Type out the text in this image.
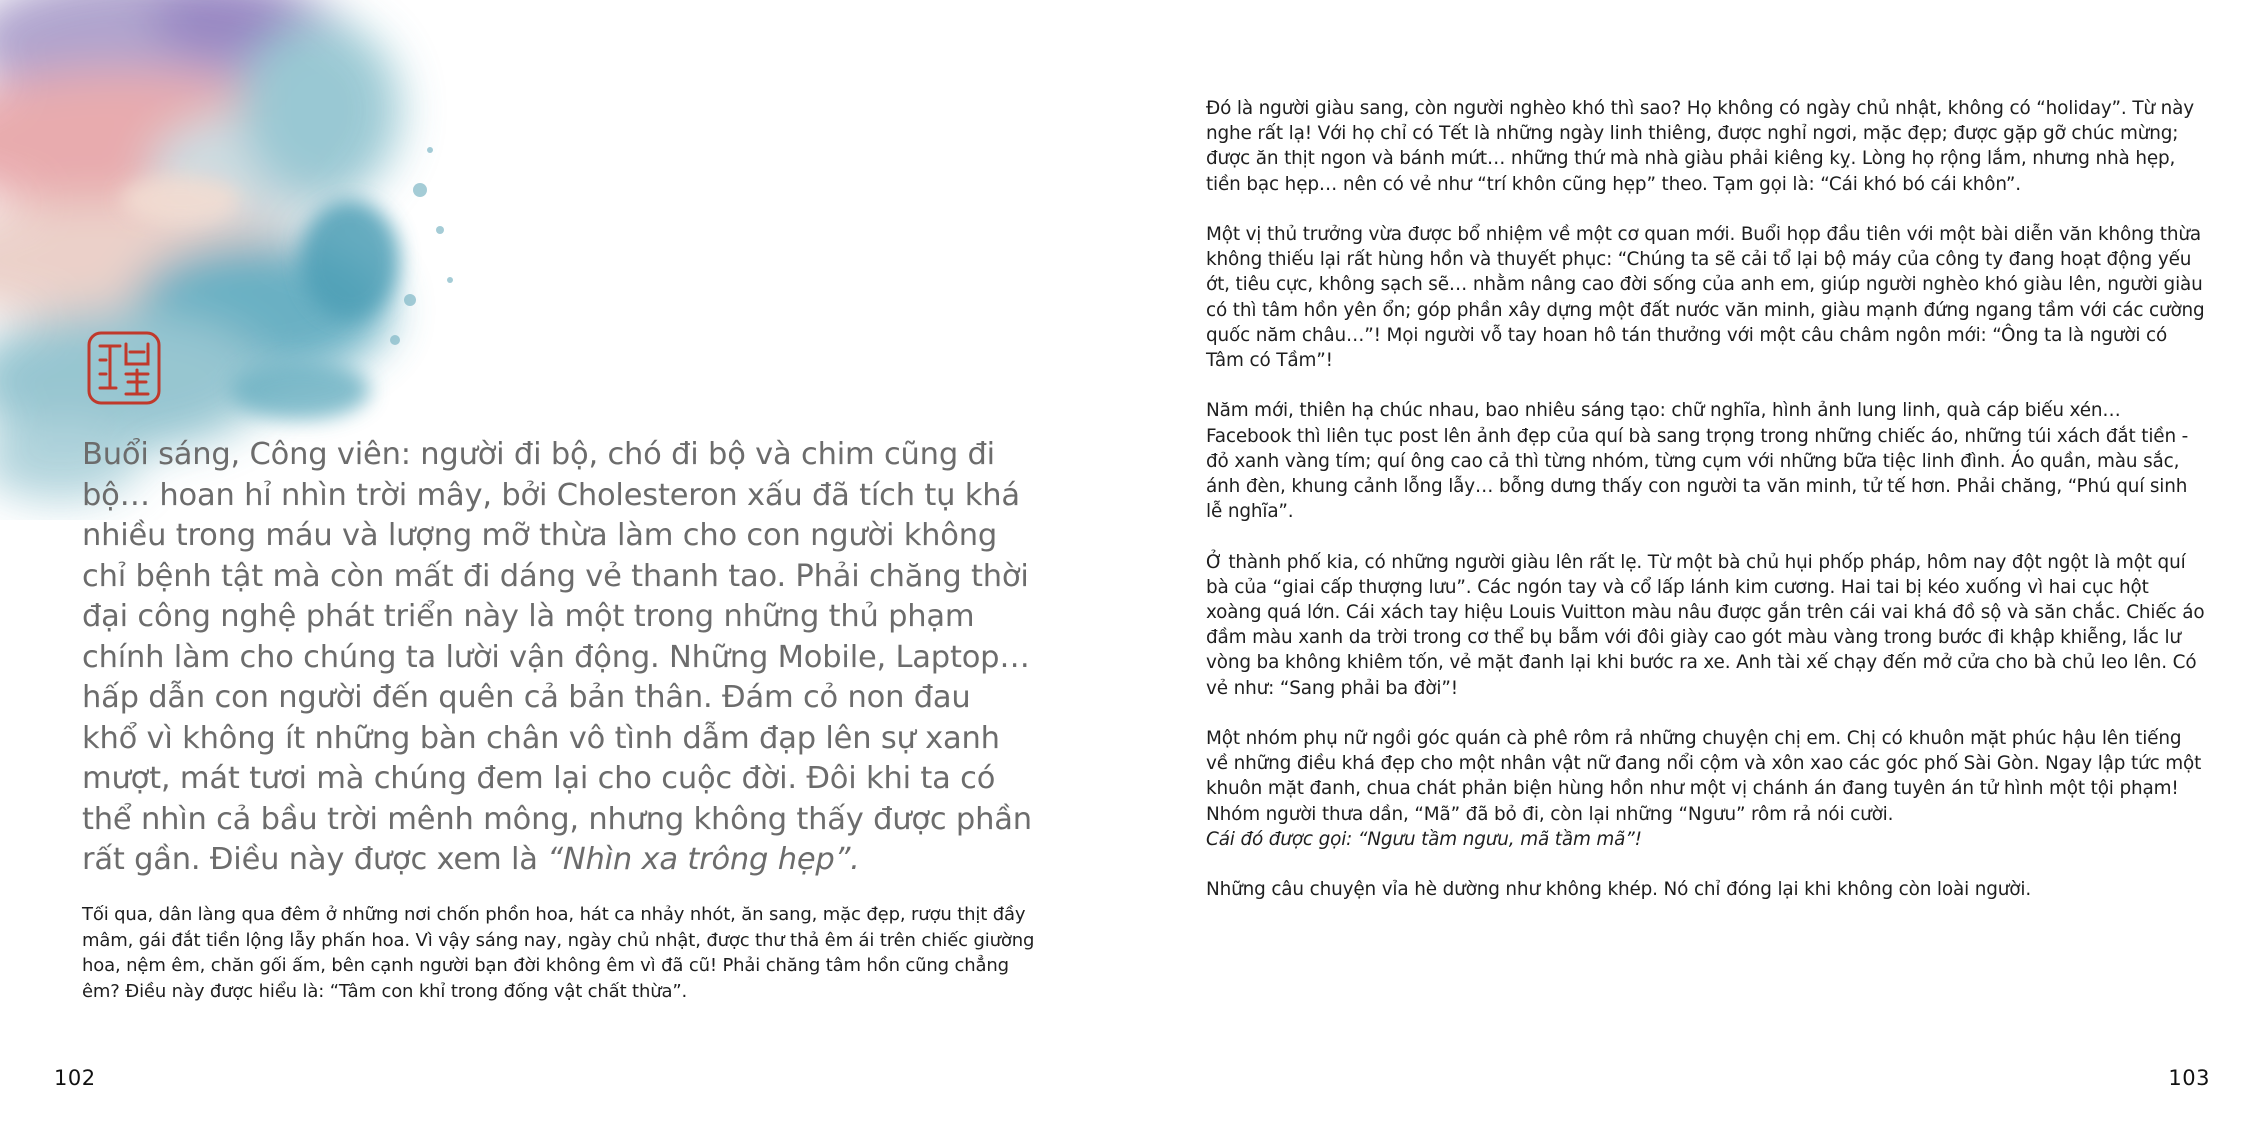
Buổi sáng, Công viên: người đi bộ, chó đi bộ và chim cũng đi bộ… hoan hỉ nhìn trời mây, bởi Cholesteron xấu đã tích tụ khá nhiều trong máu và lượng mỡ thừa làm cho con người không chỉ bệnh tật mà còn mất đi dáng vẻ thanh tao. Phải chăng thời đại công nghệ phát triển này là một trong những thủ phạm chính làm cho chúng ta lười vận động. Những Mobile, Laptop… hấp dẫn con người đến quên cả bản thân. Đám cỏ non đau khổ vì không ít những bàn chân vô tình dẫm đạp lên sự xanh mượt, mát tươi mà chúng đem lại cho cuộc đời. Đôi khi ta có thể nhìn cả bầu trời mênh mông, nhưng không thấy được phần rất gần. Điều này được xem là “Nhìn xa trông hẹp”.

Tối qua, dân làng qua đêm ở những nơi chốn phồn hoa, hát ca nhảy nhót, ăn sang, mặc đẹp, rượu thịt đầy mâm, gái đắt tiền lộng lẫy phấn hoa. Vì vậy sáng nay, ngày chủ nhật, được thư thả êm ái trên chiếc giường hoa, nệm êm, chăn gối ấm, bên cạnh người bạn đời không êm vì đã cũ! Phải chăng tâm hồn cũng chẳng êm? Điều này được hiểu là: “Tâm con khỉ trong đống vật chất thừa”.

102

Đó là người giàu sang, còn người nghèo khó thì sao? Họ không có ngày chủ nhật, không có “holiday”. Từ này nghe rất lạ! Với họ chỉ có Tết là những ngày linh thiêng, được nghỉ ngơi, mặc đẹp; được gặp gỡ chúc mừng; được ăn thịt ngon và bánh mứt… những thứ mà nhà giàu phải kiêng kỵ. Lòng họ rộng lắm, nhưng nhà hẹp, tiền bạc hẹp… nên có vẻ như “trí khôn cũng hẹp” theo. Tạm gọi là: “Cái khó bó cái khôn”.

Một vị thủ trưởng vừa được bổ nhiệm về một cơ quan mới. Buổi họp đầu tiên với một bài diễn văn không thừa không thiếu lại rất hùng hồn và thuyết phục: “Chúng ta sẽ cải tổ lại bộ máy của công ty đang hoạt động yếu ớt, tiêu cực, không sạch sẽ… nhằm nâng cao đời sống của anh em, giúp người nghèo khó giàu lên, người giàu có thì tâm hồn yên ổn; góp phần xây dựng một đất nước văn minh, giàu mạnh đứng ngang tầm với các cường quốc năm châu…”! Mọi người vỗ tay hoan hô tán thưởng với một câu châm ngôn mới: “Ông ta là người có Tâm có Tầm”!

Năm mới, thiên hạ chúc nhau, bao nhiêu sáng tạo: chữ nghĩa, hình ảnh lung linh, quà cáp biếu xén… Facebook thì liên tục post lên ảnh đẹp của quí bà sang trọng trong những chiếc áo, những túi xách đắt tiền - đỏ xanh vàng tím; quí ông cao cả thì từng nhóm, từng cụm với những bữa tiệc linh đình. Áo quần, màu sắc, ánh đèn, khung cảnh lỗng lẫy… bỗng dưng thấy con người ta văn minh, tử tế hơn. Phải chăng, “Phú quí sinh lễ nghĩa”.

Ở thành phố kia, có những người giàu lên rất lẹ. Từ một bà chủ hụi phốp pháp, hôm nay đột ngột là một quí bà của “giai cấp thượng lưu”. Các ngón tay và cổ lấp lánh kim cương. Hai tai bị kéo xuống vì hai cục hột xoàng quá lớn. Cái xách tay hiệu Louis Vuitton màu nâu được gắn trên cái vai khá đồ sộ và săn chắc. Chiếc áo đầm màu xanh da trời trong cơ thể bụ bẫm với đôi giày cao gót màu vàng trong bước đi khập khiễng, lắc lư vòng ba không khiêm tốn, vẻ mặt đanh lại khi bước ra xe. Anh tài xế chạy đến mở cửa cho bà chủ leo lên. Có vẻ như: “Sang phải ba đời”!

Một nhóm phụ nữ ngồi góc quán cà phê rôm rả những chuyện chị em. Chị có khuôn mặt phúc hậu lên tiếng về những điều khá đẹp cho một nhân vật nữ đang nổi cộm và xôn xao các góc phố Sài Gòn. Ngay lập tức một khuôn mặt đanh, chua chát phản biện hùng hồn như một vị chánh án đang tuyên án tử hình một tội phạm! Nhóm người thưa dần, “Mã” đã bỏ đi, còn lại những “Ngưu” rôm rả nói cười.
Cái đó được gọi: “Ngưu tầm ngưu, mã tầm mã”!

Những câu chuyện vỉa hè dường như không khép. Nó chỉ đóng lại khi không còn loài người.

103
